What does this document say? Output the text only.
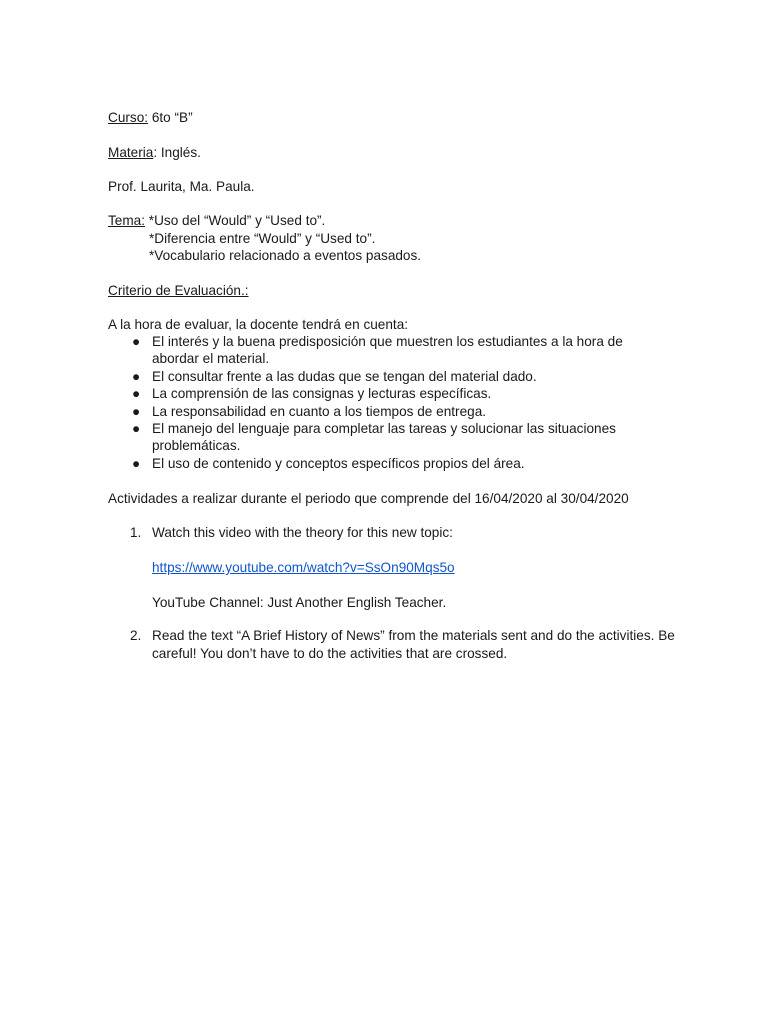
Curso: 6to “B”
Materia: Inglés.
Prof. Laurita, Ma. Paula.
Tema: *Uso del “Would” y “Used to”.
*Diferencia entre “Would” y “Used to”.
*Vocabulario relacionado a eventos pasados.
Criterio de Evaluación.:
A la hora de evaluar, la docente tendrá en cuenta:
● El interés y la buena predisposición que muestren los estudiantes a la hora de abordar el material.
● El consultar frente a las dudas que se tengan del material dado.
● La comprensión de las consignas y lecturas específicas.
● La responsabilidad en cuanto a los tiempos de entrega.
● El manejo del lenguaje para completar las tareas y solucionar las situaciones problemáticas.
● El uso de contenido y conceptos específicos propios del área.
Actividades a realizar durante el periodo que comprende del 16/04/2020 al 30/04/2020
1. Watch this video with the theory for this new topic:
https://www.youtube.com/watch?v=SsOn90Mqs5o
YouTube Channel: Just Another English Teacher.
2. Read the text “A Brief History of News” from the materials sent and do the activities. Be careful! You don’t have to do the activities that are crossed.
